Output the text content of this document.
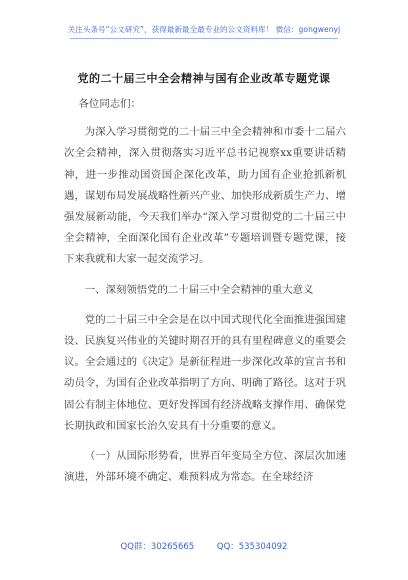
关注头条号“公文研究”，获得最新最全最专业的公文资料库！ 微信：gongwenyj
党的二十届三中全会精神与国有企业改革专题党课

各位同志们：

为深入学习贯彻党的二十届三中全会精神和市委十二届六次全会精神，深入贯彻落实习近平总书记视察xx重要讲话精神，进一步推动国资国企深化改革，助力国有企业抢抓新机遇，谋划布局发展战略性新兴产业、加快形成新质生产力、增强发展新动能，今天我们举办“深入学习贯彻党的二十届三中全会精神，全面深化国有企业改革”专题培训暨专题党课，接下来我就和大家一起交流学习。

一、深刻领悟党的二十届三中全会精神的重大意义

党的二十届三中全会是在以中国式现代化全面推进强国建设、民族复兴伟业的关键时期召开的具有里程碑意义的重要会议。全会通过的《决定》是新征程进一步深化改革的宣言书和动员令，为国有企业改革指明了方向、明确了路径。这对于巩固公有制主体地位、更好发挥国有经济战略支撑作用、确保党长期执政和国家长治久安具有十分重要的意义。

（一）从国际形势看，世界百年变局全方位、深层次加速演进，外部环境不确定、难预料成为常态。在全球经济

QQ群：30265665	QQ：535304092
